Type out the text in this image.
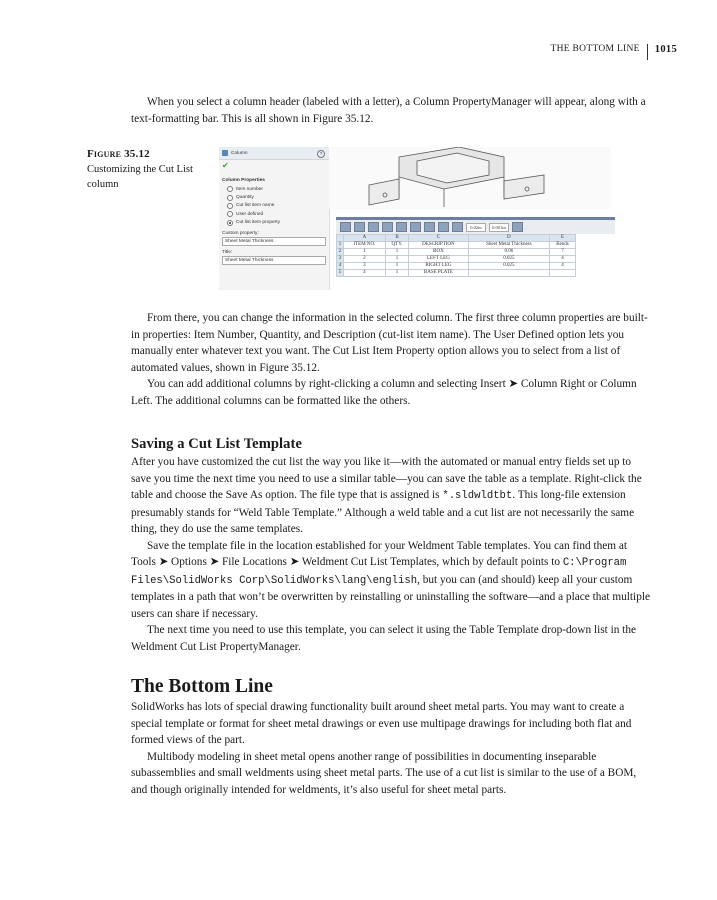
THE BOTTOM LINE 1015

When you select a column header (labeled with a letter), a Column PropertyManager will appear, along with a text-formatting bar. This is all shown in Figure 35.12.

Figure 35.12
Customizing the Cut List column
Column	?
✔
Column Properties
Item number
Quantity
Cut list item name
User defined
Cut list item property
Custom property:
Sheet Metal Thickness
Title:
Sheet Metal Thickness
0.02in	0.001in
	A	B	C	D	E
1	ITEM NO.	QTY.	DESCRIPTION	Sheet Metal Thickness	Bends
2	1	1	BOX	0.06	7
3	2	1	LEFT LEG	0.025	4
4	3	1	RIGHT LEG	0.025	4
5	4	1	BASE PLATE		

From there, you can change the information in the selected column. The first three column properties are built-in properties: Item Number, Quantity, and Description (cut-list item name). The User Defined option lets you manually enter whatever text you want. The Cut List Item Property option allows you to select from a list of automated values, shown in Figure 35.12.

You can add additional columns by right-clicking a column and selecting Insert ➤ Column Right or Column Left. The additional columns can be formatted like the others.

Saving a Cut List Template

After you have customized the cut list the way you like it—with the automated or manual entry fields set up to save you time the next time you need to use a similar table—you can save the table as a template. Right-click the table and choose the Save As option. The file type that is assigned is *.sldwldtbt. This long-file extension presumably stands for “Weld Table Template.” Although a weld table and a cut list are not necessarily the same thing, they do use the same templates.

Save the template file in the location established for your Weldment Table templates. You can find them at Tools ➤ Options ➤ File Locations ➤ Weldment Cut List Templates, which by default points to C:\Program Files\SolidWorks Corp\SolidWorks\lang\english, but you can (and should) keep all your custom templates in a path that won’t be overwritten by reinstalling or uninstalling the software—and a place that multiple users can share if necessary.

The next time you need to use this template, you can select it using the Table Template drop-down list in the Weldment Cut List PropertyManager.

The Bottom Line

SolidWorks has lots of special drawing functionality built around sheet metal parts. You may want to create a special template or format for sheet metal drawings or even use multipage drawings for including both flat and formed views of the part.

Multibody modeling in sheet metal opens another range of possibilities in documenting inseparable subassemblies and small weldments using sheet metal parts. The use of a cut list is similar to the use of a BOM, and though originally intended for weldments, it’s also useful for sheet metal parts.
